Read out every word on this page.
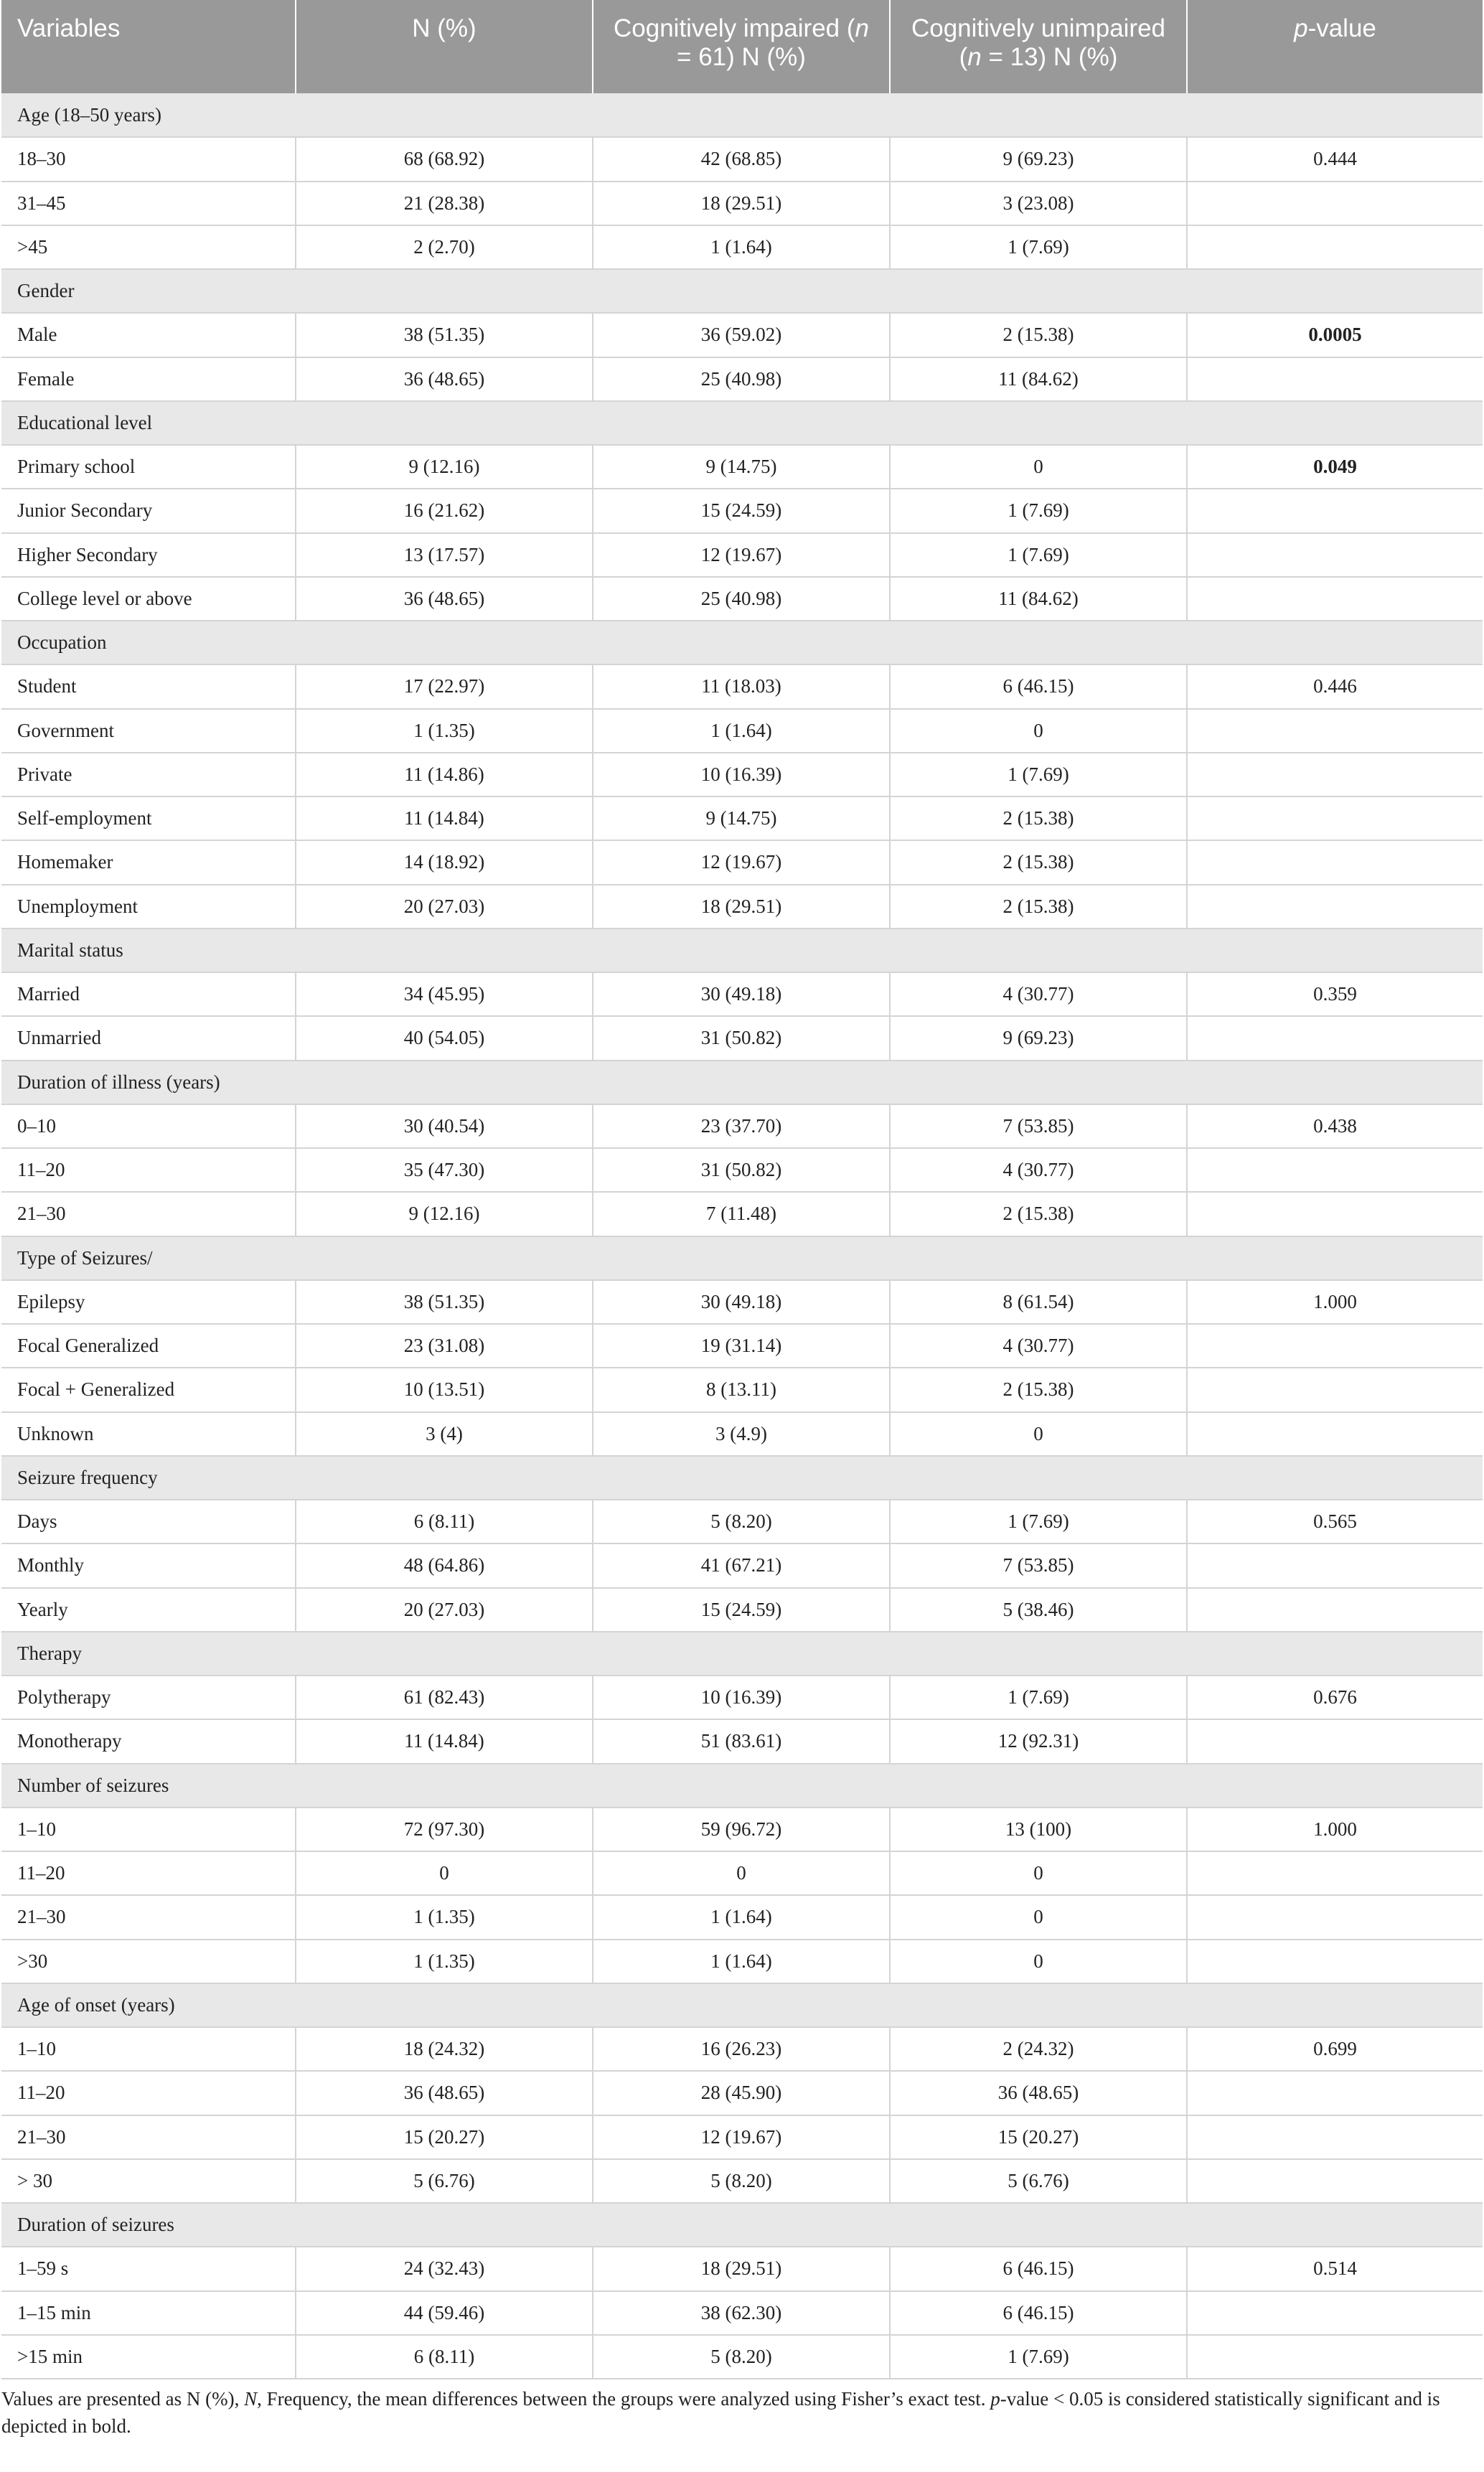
Variables	N (%)	Cognitively impaired (n = 61) N (%)	Cognitively unimpaired (n = 13) N (%)	p-value
Age (18–50 years)				
18–30	68 (68.92)	42 (68.85)	9 (69.23)	0.444
31–45	21 (28.38)	18 (29.51)	3 (23.08)	
>45	2 (2.70)	1 (1.64)	1 (7.69)	
Gender				
Male	38 (51.35)	36 (59.02)	2 (15.38)	0.0005
Female	36 (48.65)	25 (40.98)	11 (84.62)	
Educational level				
Primary school	9 (12.16)	9 (14.75)	0	0.049
Junior Secondary	16 (21.62)	15 (24.59)	1 (7.69)	
Higher Secondary	13 (17.57)	12 (19.67)	1 (7.69)	
College level or above	36 (48.65)	25 (40.98)	11 (84.62)	
Occupation				
Student	17 (22.97)	11 (18.03)	6 (46.15)	0.446
Government	1 (1.35)	1 (1.64)	0	
Private	11 (14.86)	10 (16.39)	1 (7.69)	
Self-employment	11 (14.84)	9 (14.75)	2 (15.38)	
Homemaker	14 (18.92)	12 (19.67)	2 (15.38)	
Unemployment	20 (27.03)	18 (29.51)	2 (15.38)	
Marital status				
Married	34 (45.95)	30 (49.18)	4 (30.77)	0.359
Unmarried	40 (54.05)	31 (50.82)	9 (69.23)	
Duration of illness (years)				
0–10	30 (40.54)	23 (37.70)	7 (53.85)	0.438
11–20	35 (47.30)	31 (50.82)	4 (30.77)	
21–30	9 (12.16)	7 (11.48)	2 (15.38)	
Type of Seizures/				
Epilepsy	38 (51.35)	30 (49.18)	8 (61.54)	1.000
Focal Generalized	23 (31.08)	19 (31.14)	4 (30.77)	
Focal + Generalized	10 (13.51)	8 (13.11)	2 (15.38)	
Unknown	3 (4)	3 (4.9)	0	
Seizure frequency				
Days	6 (8.11)	5 (8.20)	1 (7.69)	0.565
Monthly	48 (64.86)	41 (67.21)	7 (53.85)	
Yearly	20 (27.03)	15 (24.59)	5 (38.46)	
Therapy				
Polytherapy	61 (82.43)	10 (16.39)	1 (7.69)	0.676
Monotherapy	11 (14.84)	51 (83.61)	12 (92.31)	
Number of seizures				
1–10	72 (97.30)	59 (96.72)	13 (100)	1.000
11–20	0	0	0	
21–30	1 (1.35)	1 (1.64)	0	
>30	1 (1.35)	1 (1.64)	0	
Age of onset (years)				
1–10	18 (24.32)	16 (26.23)	2 (24.32)	0.699
11–20	36 (48.65)	28 (45.90)	36 (48.65)	
21–30	15 (20.27)	12 (19.67)	15 (20.27)	
> 30	5 (6.76)	5 (8.20)	5 (6.76)	
Duration of seizures				
1–59 s	24 (32.43)	18 (29.51)	6 (46.15)	0.514
1–15 min	44 (59.46)	38 (62.30)	6 (46.15)	
>15 min	6 (8.11)	5 (8.20)	1 (7.69)	
Values are presented as N (%), N, Frequency, the mean differences between the groups were analyzed using Fisher’s exact test. p-value < 0.05 is considered statistically significant and is depicted in bold.
